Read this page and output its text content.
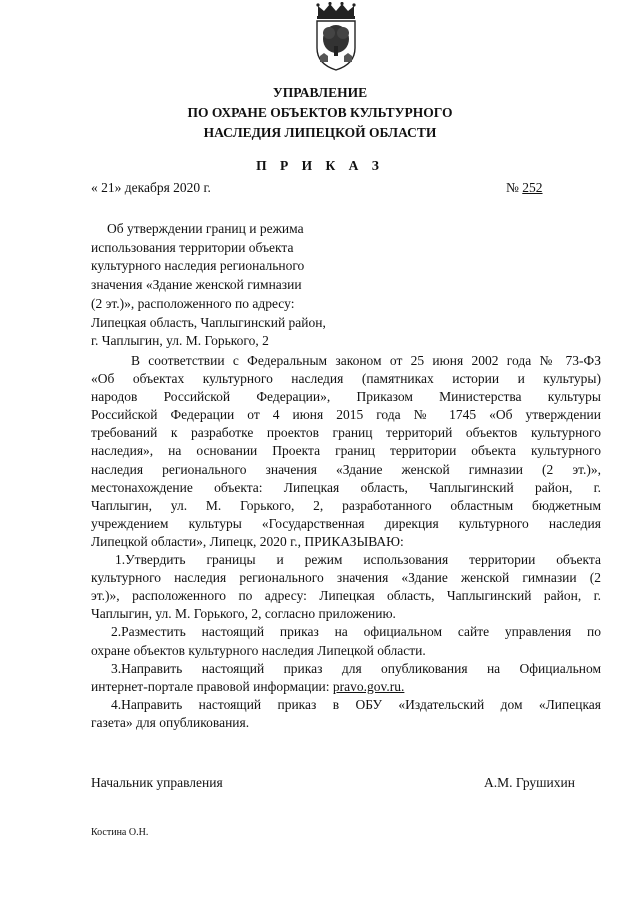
УПРАВЛЕНИЕ
ПО ОХРАНЕ ОБЪЕКТОВ КУЛЬТУРНОГО
НАСЛЕДИЯ ЛИПЕЦКОЙ ОБЛАСТИ
П Р И К А З
« 21» декабря 2020 г.	№ 252
Об утверждении границ и режима
использования территории объекта
культурного наследия регионального
значения «Здание женской гимназии
(2 эт.)», расположенного по адресу:
Липецкая область, Чаплыгинский район,
г. Чаплыгин, ул. М. Горького, 2
В соответствии с Федеральным законом от 25 июня 2002 года № 73-ФЗ
«Об объектах культурного наследия (памятниках истории и культуры)
народов Российской Федерации», Приказом Министерства культуры
Российской Федерации от 4 июня 2015 года № 1745 «Об утверждении
требований к разработке проектов границ территорий объектов культурного
наследия», на основании Проекта границ территории объекта культурного
наследия регионального значения «Здание женской гимназии (2 эт.)»,
местонахождение объекта: Липецкая область, Чаплыгинский район, г.
Чаплыгин, ул. М. Горького, 2, разработанного областным бюджетным
учреждением культуры «Государственная дирекция культурного наследия
Липецкой области», Липецк, 2020 г., ПРИКАЗЫВАЮ:
1.Утвердить границы и режим использования территории объекта
культурного наследия регионального значения «Здание женской гимназии (2
эт.)», расположенного по адресу: Липецкая область, Чаплыгинский район, г.
Чаплыгин, ул. М. Горького, 2, согласно приложению.
2.Разместить настоящий приказ на официальном сайте управления по
охране объектов культурного наследия Липецкой области.
3.Направить настоящий приказ для опубликования на Официальном
интернет-портале правовой информации: pravo.gov.ru.
4.Направить настоящий приказ в ОБУ «Издательский дом «Липецкая
газета» для опубликования.
Начальник управления	А.М. Грушихин
Костина О.Н.
